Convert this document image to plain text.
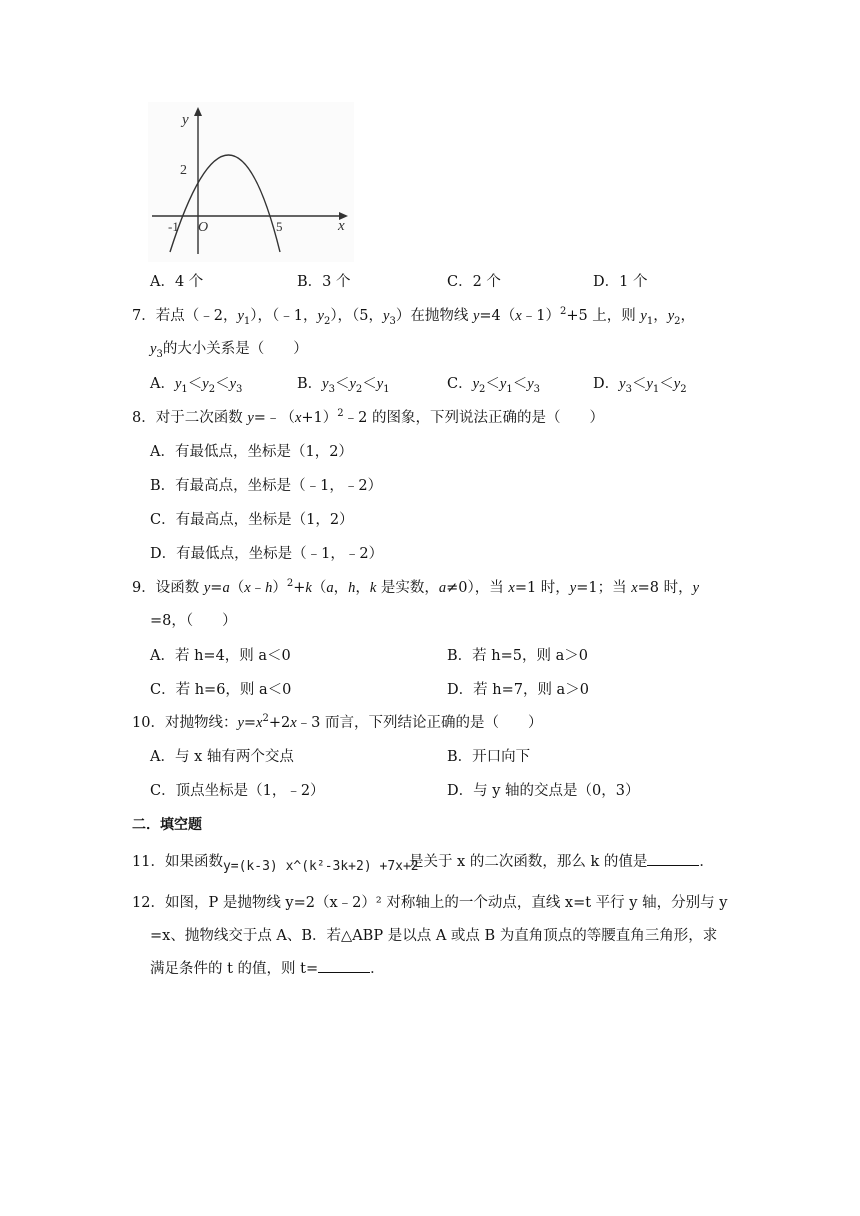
y
x
O
2
-1	5
A．4 个	B．3 个	C．2 个	D．1 个
7．若点（﹣2，$y_1$），（﹣1，$y_2$），（5，$y_3$）在抛物线 y=4（x﹣1）$^2$+5 上，则 $y_1$，$y_2$，
$y_3$的大小关系是（　　）
A．$y_1<y_2<y_3$	B．$y_3<y_2<y_1$	C．$y_2<y_1<y_3$	D．$y_3<y_1<y_2$
8．对于二次函数 $y=﹣(x+1)^2﹣2$ 的图象，下列说法正确的是（　　）
A．有最低点，坐标是（1，2）
B．有最高点，坐标是（﹣1，﹣2）
C．有最高点，坐标是（1，2）
D．有最低点，坐标是（﹣1，﹣2）
9．设函数 y=a（x﹣h）$^2$+k（a，h，k 是实数，a≠0），当 x=1 时，y=1；当 x=8 时，y
=8，（　　）
A．若 h=4，则 a＜0	B．若 h=5，则 a＞0
C．若 h=6，则 a＜0	D．若 h=7，则 a＞0
10．对抛物线：$y=x^2+2x﹣3$ 而言，下列结论正确的是（　　）
A．与 x 轴有两个交点	B．开口向下
C．顶点坐标是（1，﹣2）	D．与 y 轴的交点是（0，3）
二．填空题
11．如果函数y=(k-3) x^(k²-3k+2) +7x+2是关于 x 的二次函数，那么 k 的值是	．
12．如图，P 是抛物线 y=2（x﹣2）² 对称轴上的一个动点，直线 x=t 平行 y 轴，分别与 y
=x、抛物线交于点 A、B．若△ABP 是以点 A 或点 B 为直角顶点的等腰直角三角形，求
满足条件的 t 的值，则 t=	．
